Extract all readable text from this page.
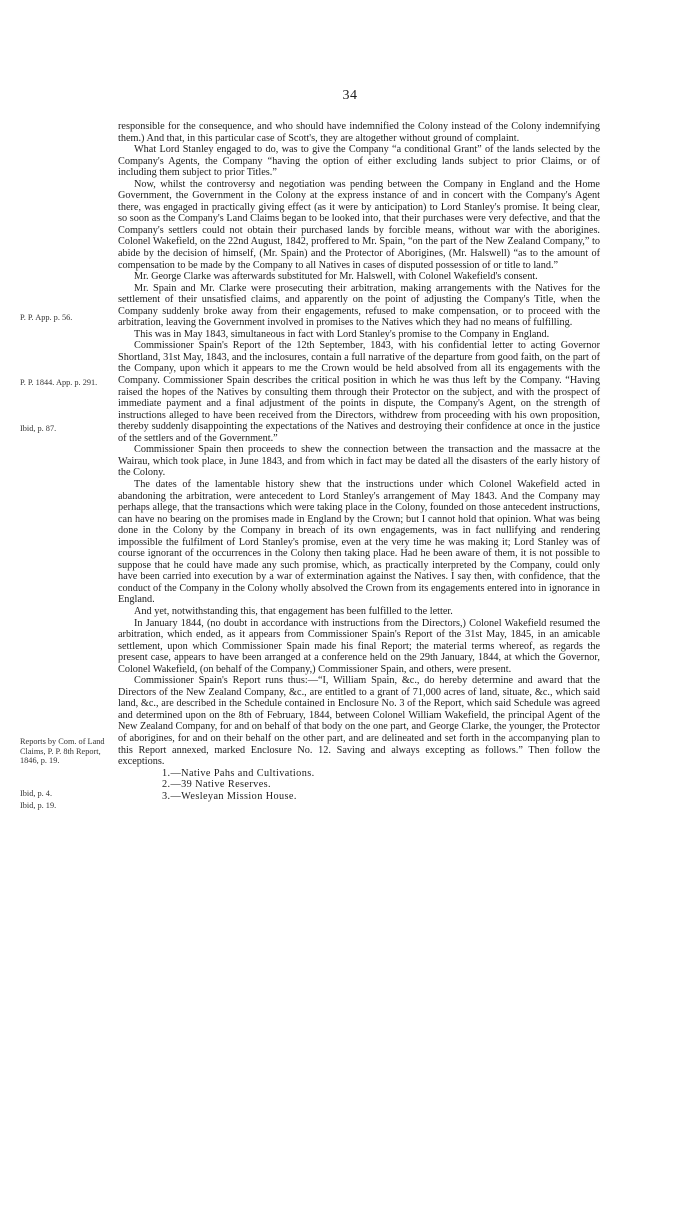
34
P. P. App. p. 56.
P. P. 1844. App. p. 291.
Ibid, p. 87.
Reports by Com. of Land Claims, P. P. 8th Report, 1846, p. 19.
Ibid, p. 4.
Ibid, p. 19.

responsible for the consequence, and who should have indemnified the Colony instead of the Colony indemnifying them.) And that, in this particular case of Scott's, they are altogether without ground of complaint.

What Lord Stanley engaged to do, was to give the Company “a conditional Grant” of the lands selected by the Company's Agents, the Company “having the option of either excluding lands subject to prior Claims, or of including them subject to prior Titles.”

Now, whilst the controversy and negotiation was pending between the Company in England and the Home Government, the Government in the Colony at the express instance of and in concert with the Company's Agent there, was engaged in practically giving effect (as it were by anticipation) to Lord Stanley's promise. It being clear, so soon as the Company's Land Claims began to be looked into, that their purchases were very defective, and that the Company's settlers could not obtain their purchased lands by forcible means, without war with the aborigines. Colonel Wakefield, on the 22nd August, 1842, proffered to Mr. Spain, “on the part of the New Zealand Company,” to abide by the decision of himself, (Mr. Spain) and the Protector of Aborigines, (Mr. Halswell) “as to the amount of compensation to be made by the Company to all Natives in cases of disputed possession of or title to land.”

Mr. George Clarke was afterwards substituted for Mr. Halswell, with Colonel Wakefield's consent.

Mr. Spain and Mr. Clarke were prosecuting their arbitration, making arrangements with the Natives for the settlement of their unsatisfied claims, and apparently on the point of adjusting the Company's Title, when the Company suddenly broke away from their engagements, refused to make compensation, or to proceed with the arbitration, leaving the Government involved in promises to the Natives which they had no means of fulfilling.

This was in May 1843, simultaneous in fact with Lord Stanley's promise to the Company in England.

Commissioner Spain's Report of the 12th September, 1843, with his confidential letter to acting Governor Shortland, 31st May, 1843, and the inclosures, contain a full narrative of the departure from good faith, on the part of the Company, upon which it appears to me the Crown would be held absolved from all its engagements with the Company. Commissioner Spain describes the critical position in which he was thus left by the Company. “Having raised the hopes of the Natives by consulting them through their Protector on the subject, and with the prospect of immediate payment and a final adjustment of the points in dispute, the Company's Agent, on the strength of instructions alleged to have been received from the Directors, withdrew from proceeding with his own proposition, thereby suddenly disappointing the expectations of the Natives and destroying their confidence at once in the justice of the settlers and of the Government.”

Commissioner Spain then proceeds to shew the connection between the transaction and the massacre at the Wairau, which took place, in June 1843, and from which in fact may be dated all the disasters of the early history of the Colony.

The dates of the lamentable history shew that the instructions under which Colonel Wakefield acted in abandoning the arbitration, were antecedent to Lord Stanley's arrangement of May 1843. And the Company may perhaps allege, that the transactions which were taking place in the Colony, founded on those antecedent instructions, can have no bearing on the promises made in England by the Crown; but I cannot hold that opinion. What was being done in the Colony by the Company in breach of its own engagements, was in fact nullifying and rendering impossible the fulfilment of Lord Stanley's promise, even at the very time he was making it; Lord Stanley was of course ignorant of the occurrences in the Colony then taking place. Had he been aware of them, it is not possible to suppose that he could have made any such promise, which, as practically interpreted by the Company, could only have been carried into execution by a war of extermination against the Natives. I say then, with confidence, that the conduct of the Company in the Colony wholly absolved the Crown from its engagements entered into in ignorance in England.

And yet, notwithstanding this, that engagement has been fulfilled to the letter.

In January 1844, (no doubt in accordance with instructions from the Directors,) Colonel Wakefield resumed the arbitration, which ended, as it appears from Commissioner Spain's Report of the 31st May, 1845, in an amicable settlement, upon which Commissioner Spain made his final Report; the material terms whereof, as regards the present case, appears to have been arranged at a conference held on the 29th January, 1844, at which the Governor, Colonel Wakefield, (on behalf of the Company,) Commissioner Spain, and others, were present.

Commissioner Spain's Report runs thus:—“I, William Spain, &c., do hereby determine and award that the Directors of the New Zealand Company, &c., are entitled to a grant of 71,000 acres of land, situate, &c., which said land, &c., are described in the Schedule contained in Enclosure No. 3 of the Report, which said Schedule was agreed and determined upon on the 8th of February, 1844, between Colonel William Wakefield, the principal Agent of the New Zealand Company, for and on behalf of that body on the one part, and George Clarke, the younger, the Protector of aborigines, for and on their behalf on the other part, and are delineated and set forth in the accompanying plan to this Report annexed, marked Enclosure No. 12. Saving and always excepting as follows.” Then follow the exceptions.

1.—Native Pahs and Cultivations.
2.—39 Native Reserves.
3.—Wesleyan Mission House.
